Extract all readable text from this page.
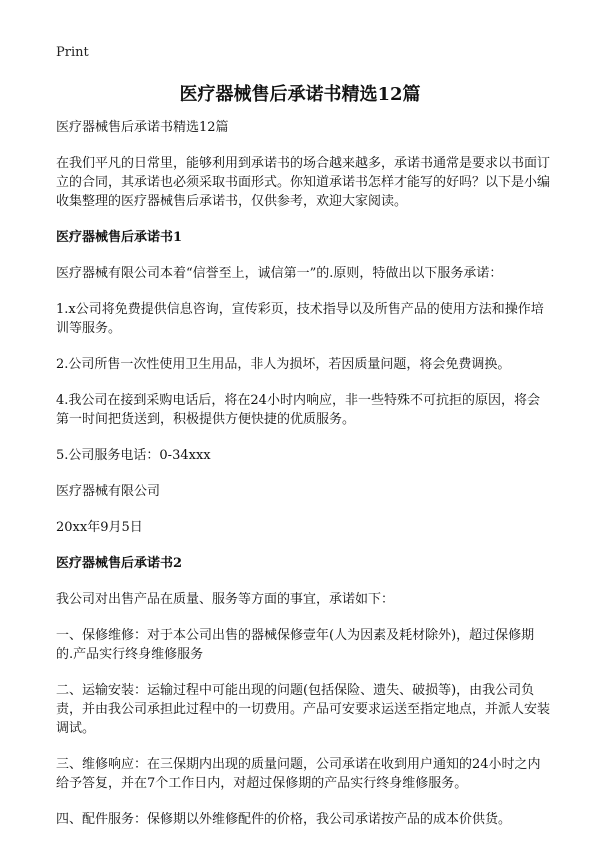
Print
医疗器械售后承诺书精选12篇

医疗器械售后承诺书精选12篇

在我们平凡的日常里，能够利用到承诺书的场合越来越多，承诺书通常是要求以书面订立的合同，其承诺也必须采取书面形式。你知道承诺书怎样才能写的好吗？以下是小编收集整理的医疗器械售后承诺书，仅供参考，欢迎大家阅读。

医疗器械售后承诺书1

医疗器械有限公司本着“信誉至上，诚信第一”的.原则，特做出以下服务承诺：

1.x公司将免费提供信息咨询，宣传彩页，技术指导以及所售产品的使用方法和操作培训等服务。

2.公司所售一次性使用卫生用品，非人为损坏，若因质量问题，将会免费调换。

4.我公司在接到采购电话后，将在24小时内响应，非一些特殊不可抗拒的原因，将会第一时间把货送到，积极提供方便快捷的优质服务。

5.公司服务电话：0-34xxx

医疗器械有限公司

20xx年9月5日

医疗器械售后承诺书2

我公司对出售产品在质量、服务等方面的事宜，承诺如下：

一、保修维修：对于本公司出售的器械保修壹年(人为因素及耗材除外)，超过保修期的.产品实行终身维修服务

二、运输安装：运输过程中可能出现的问题(包括保险、遗失、破损等)，由我公司负责，并由我公司承担此过程中的一切费用。产品可安要求运送至指定地点，并派人安装调试。

三、维修响应：在三保期内出现的质量问题，公司承诺在收到用户通知的24小时之内给予答复，并在7个工作日内，对超过保修期的产品实行终身维修服务。

四、配件服务：保修期以外维修配件的价格，我公司承诺按产品的成本价供货。
